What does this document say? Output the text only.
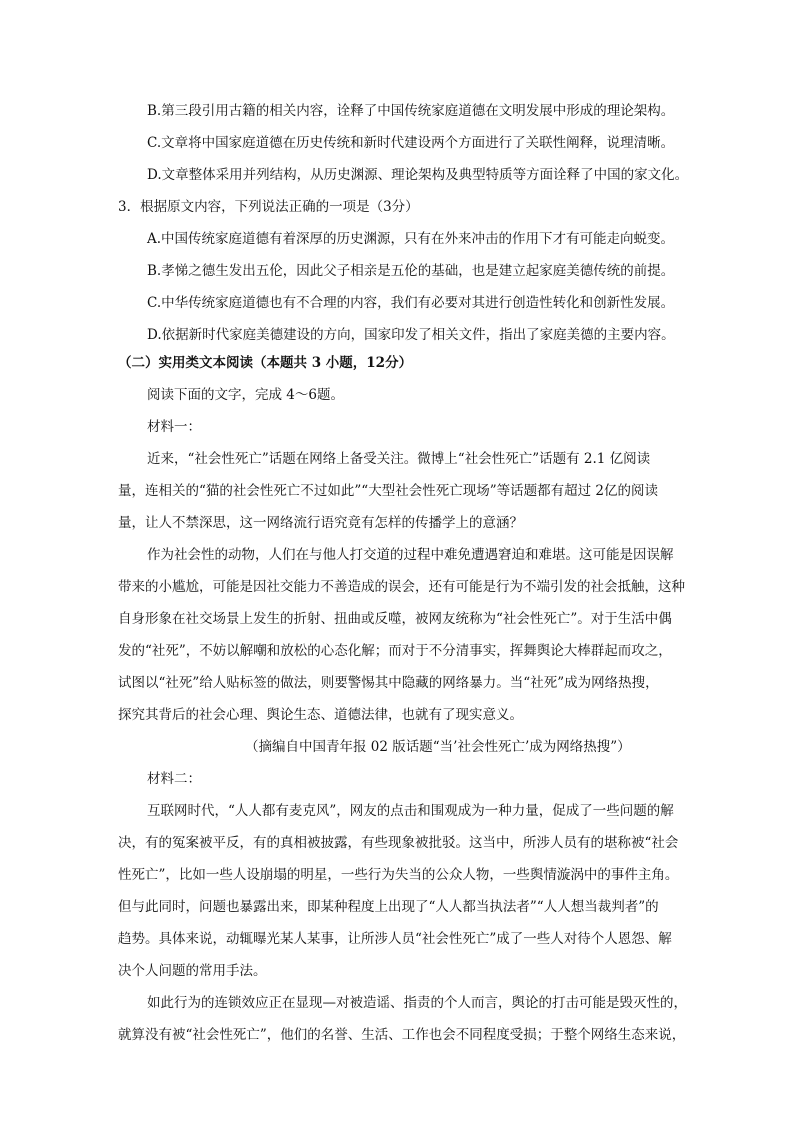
B.第三段引用古籍的相关内容，诠释了中国传统家庭道德在文明发展中形成的理论架构。
C.文章将中国家庭道德在历史传统和新时代建设两个方面进行了关联性阐释，说理清晰。
D.文章整体采用并列结构，从历史渊源、理论架构及典型特质等方面诠释了中国的家文化。
3．根据原文内容，下列说法正确的一项是（3分）
A.中国传统家庭道德有着深厚的历史渊源，只有在外来冲击的作用下才有可能走向蜕变。
B.孝悌之德生发出五伦，因此父子相亲是五伦的基础，也是建立起家庭美德传统的前提。
C.中华传统家庭道德也有不合理的内容，我们有必要对其进行创造性转化和创新性发展。
D.依据新时代家庭美德建设的方向，国家印发了相关文件，指出了家庭美德的主要内容。
（二）实用类文本阅读（本题共 3 小题，12分）
阅读下面的文字，完成 4～6题。
材料一：
近来，“社会性死亡”话题在网络上备受关注。微博上“社会性死亡”话题有 2.1 亿阅读
量，连相关的“猫的社会性死亡不过如此”“大型社会性死亡现场”等话题都有超过 2亿的阅读
量，让人不禁深思，这一网络流行语究竟有怎样的传播学上的意涵？
作为社会性的动物，人们在与他人打交道的过程中难免遭遇窘迫和难堪。这可能是因误解
带来的小尴尬，可能是因社交能力不善造成的误会，还有可能是行为不端引发的社会抵触，这种
自身形象在社交场景上发生的折射、扭曲或反噬，被网友统称为“社会性死亡”。对于生活中偶
发的“社死”，不妨以解嘲和放松的心态化解；而对于不分清事实，挥舞舆论大棒群起而攻之，
试图以“社死”给人贴标签的做法，则要警惕其中隐藏的网络暴力。当“社死”成为网络热搜，
探究其背后的社会心理、舆论生态、道德法律，也就有了现实意义。
（摘编自中国青年报 02 版话题“当’社会性死亡’成为网络热搜”）
材料二：
互联网时代，“人人都有麦克风”，网友的点击和围观成为一种力量，促成了一些问题的解
决，有的冤案被平反，有的真相被披露，有些现象被批驳。这当中，所涉人员有的堪称被“社会
性死亡”，比如一些人设崩塌的明星，一些行为失当的公众人物，一些舆情漩涡中的事件主角。
但与此同时，问题也暴露出来，即某种程度上出现了“人人都当执法者”“人人想当裁判者”的
趋势。具体来说，动辄曝光某人某事，让所涉人员“社会性死亡”成了一些人对待个人恩怨、解
决个人问题的常用手法。
如此行为的连锁效应正在显现—对被造谣、指责的个人而言，舆论的打击可能是毁灭性的，
就算没有被“社会性死亡”，他们的名誉、生活、工作也会不同程度受损；于整个网络生态来说，
